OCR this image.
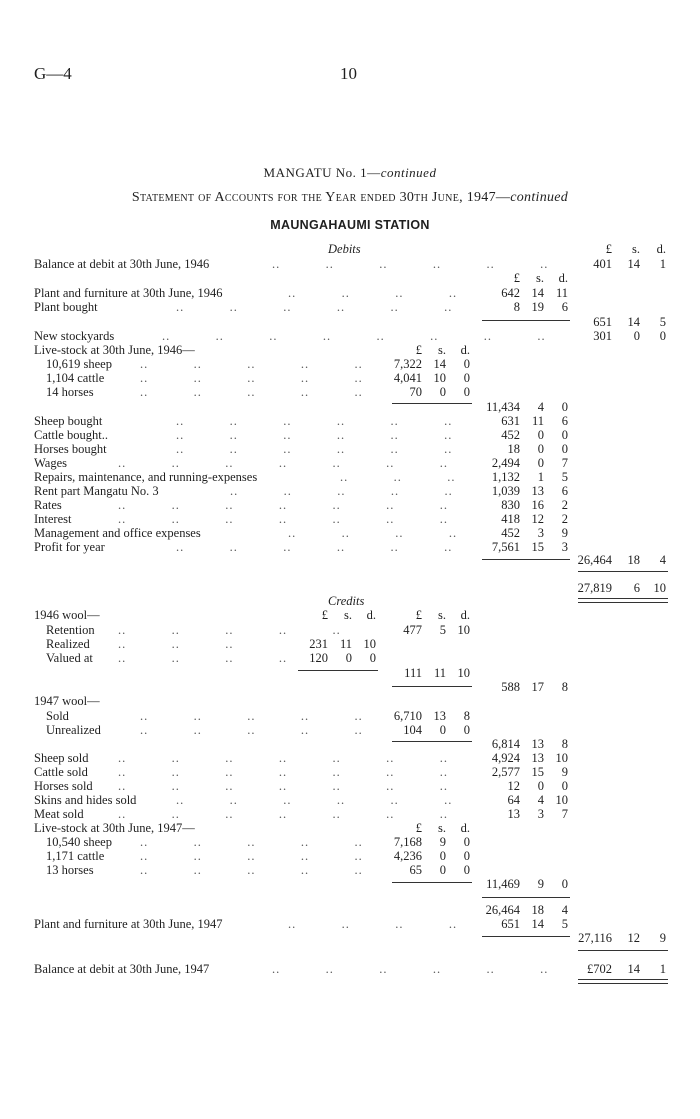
G—4	10
MANGATU No. 1—continued
Statement of Accounts for the Year ended 30th June, 1947—continued
MAUNGAHAUMI STATION
Debits	£	s.	d.
Balance at debit at 30th June, 1946	..           ..           ..           ..           ..           ..	401	14	1
£	s.	d.
Plant and furniture at 30th June, 1946	..           ..           ..           ..	642 14 11
Plant bought	..           ..           ..           ..           ..           ..	8 19	6
651	14	5
New stockyards	..           ..           ..           ..           ..           ..           ..           ..	301	0	0
Live-stock at 30th June, 1946—	£	s.	d.
10,619 sheep ..           ..           ..           ..           ..	7,322 14	0
1,104 cattle	..           ..           ..           ..           ..	4,041 10	0
14 horses	..           ..           ..           ..           ..	70	0	0
11,434	4	0
Sheep bought	..           ..           ..           ..           ..           ..	631 11	6
Cattle bought..	..           ..           ..           ..           ..           ..	452	0	0
Horses bought	..           ..           ..           ..           ..           ..	18	0	0
Wages	..           ..           ..           ..           ..           ..           ..	2,494	0	7
Repairs, maintenance, and running-expenses	..           ..           ..	1,132	1	5
Rent part Mangatu No. 3	..           ..           ..           ..           ..	1,039 13	6
Rates	..           ..           ..           ..           ..           ..           ..	830 16	2
Interest	..           ..           ..           ..           ..           ..           ..	418 12	2
Management and office expenses	..           ..           ..           ..	452	3	9
Profit for year	..           ..           ..           ..           ..           ..	7,561 15	3
26,464	18	4
27,819	6	10
Credits
£	s.	d.	£	s.	d.
1946 wool—
Retention ..           ..           ..           ..           ..	477	5 10
Realized ..           ..           ..	231 11 10
Valued at ..           ..           ..           ..	120	0	0
111 11 10
588 17	8
1947 wool—
Sold	..           ..           ..           ..           ..	6,710 13	8
Unrealized	..           ..           ..           ..           ..	104	0	0
6,814 13	8
Sheep sold ..           ..           ..           ..           ..           ..           ..	4,924 13 10
Cattle sold ..           ..           ..           ..           ..           ..           ..	2,577 15	9
Horses sold ..           ..           ..           ..           ..           ..           ..	12	0	0
Skins and hides sold	..           ..           ..           ..           ..           ..	64	4 10
Meat sold	..           ..           ..           ..           ..           ..           ..	13	3	7
Live-stock at 30th June, 1947—	£	s.	d.
10,540 sheep ..           ..           ..           ..           ..	7,168	9	0
1,171 cattle	..           ..           ..           ..           ..	4,236	0	0
13 horses	..           ..           ..           ..           ..	65	0	0
11,469	9	0
26,464 18	4
Plant and furniture at 30th June, 1947	..           ..           ..           ..	651 14	5
27,116	12	9
Balance at debit at 30th June, 1947	..           ..           ..           ..           ..           ..	£702	14	1
